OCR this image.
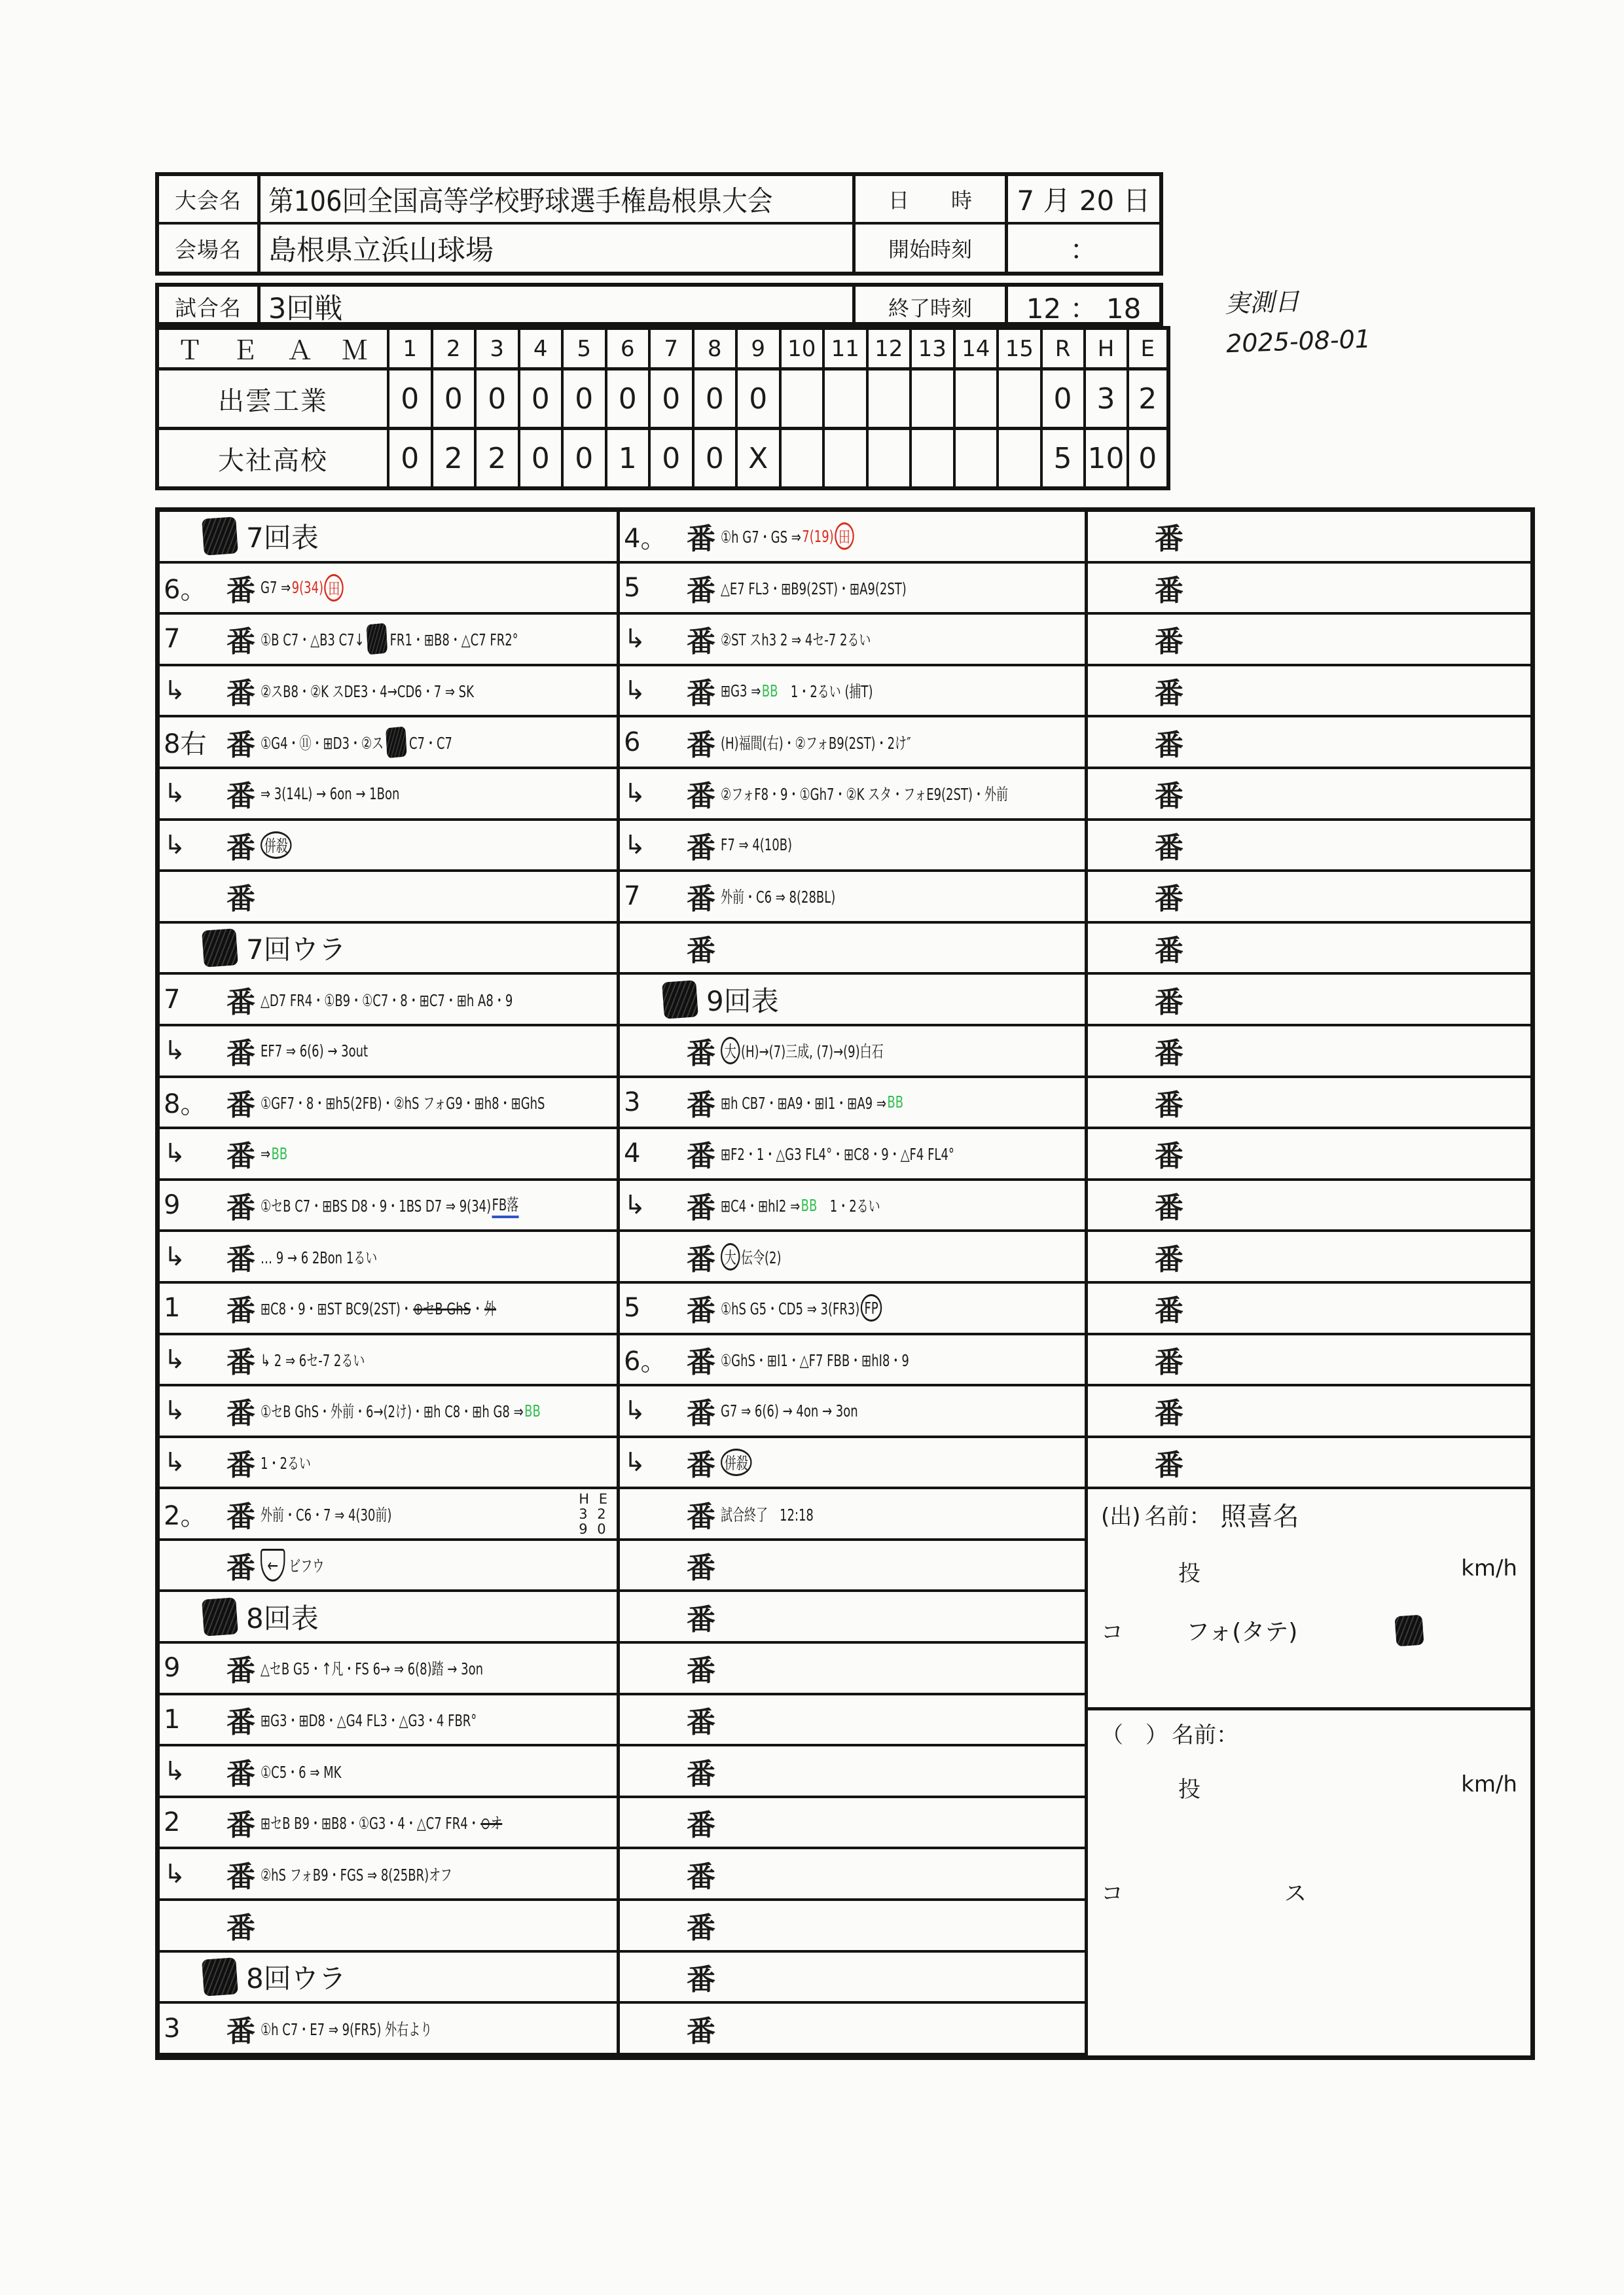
実測日
2025-08-01
大会名 第106回全国高等学校野球選手権島根県大会	日　　時	7 月 20 日
会場名 島根県立浜山球場	開始時刻	：
試合名 3回戦	終了時刻	12 ： 18
Ｔ　Ｅ　Ａ　Ｍ	1	2	3	4	5	6	7	8	9	10 11 12 13 14 15 R	H	E
出雲工業	0 0 0 0 0 0 0 0 0	0 3 2
大社高校	0 2 2 0 0 1 0 0 X	5 10 0
7回表
6。 番 G7 ⇒ 9(34) 田
7	番 ①B C7・△B3 C7↓ FR1・⊞B8・△C7 FR2°
↳	番 ②スB8・②K スDE3・4→CD6・7 ⇒ SK
8右 番 ①G4・⑪・⊞D3・②ス C7・C7
↳	番 ⇒ 3(14L) → 6on → 1Bon
↳	番 併殺
番
7回ウラ
7	番 △D7 FR4・①B9・①C7・8・⊞C7・⊞h A8・9
↳	番 EF7 ⇒ 6(6) → 3out
8。 番 ①GF7・8・⊞h5(2FB)・②hS フォG9・⊞h8・⊞GhS
↳	番 ⇒ BB
9	番 ①セB C7・⊞BS D8・9・1BS D7 ⇒ 9(34) FB落
↳	番 … 9 → 6 2Bon 1るい
1	番 ⊞C8・9・⊞ST BC9(2ST)・ ⊕セB GhS ・ 外
↳	番 ↳ 2 ⇒ 6セ-7 2るい
↳	番 ①セB GhS・外前・6→(2け)・⊞h C8・⊞h G8 ⇒ BB
↳	番 1・2るい
2。 番 外前・C6・7 ⇒ 4(30前)
H E
3 2
9 0
番 ← ビフウ
8回表
9	番 △セB G5・↑凡・FS 6→ ⇒ 6(8)踏 → 3on
1	番 ⊞G3・⊞D8・△G4 FL3・△G3・4 FBR°
↳	番 ①C5・6 ⇒ MK
2	番 ⊞セB B9・⊞B8・①G3・4・△C7 FR4・ ⊖オ
↳	番 ②hS フォB9・FGS ⇒ 8(25BR)オフ
番
8回ウラ
3	番 ①h C7・E7 ⇒ 9(FR5) 外右より
4。 番 ①h G7・GS ⇒ 7(19) 田
5	番 △E7 FL3・⊞B9(2ST)・⊞A9(2ST)
↳	番 ②ST スh3 2 ⇒ 4セ-7 2るい
↳	番 ⊞G3 ⇒ BB 　1・2るい (捕T)
6	番 (H)福間(右)・②フォB9(2ST)・2け″
↳	番 ②フォF8・9・①Gh7・②K スタ・フォE9(2ST)・外前
↳	番 F7 ⇒ 4(10B)
7	番 外前・C6 ⇒ 8(28BL)
番
9回表
番 大 (H)→(7)三成, (7)→(9)白石
3	番 ⊞h CB7・⊞A9・⊞I1・⊞A9 ⇒ BB
4	番 ⊞F2・1・△G3 FL4°・⊞C8・9・△F4 FL4°
↳	番 ⊞C4・⊞hI2 ⇒ BB 　1・2るい
番 大 伝令(2)
5	番 ①hS G5・CD5 ⇒ 3(FR3) FP
6。 番 ①GhS・⊞I1・△F7 FBB・⊞hI8・9
↳	番 G7 ⇒ 6(6) → 4on → 3on
↳	番 併殺
番 試合終了　12:18
番
番
番
番
番
番
番
番
番
番
番
番
番
番
番
番
番
番
番
番
番
番
番
番
番
番
番
番
番
(出) 名前： 照喜名
投	km/h
コ	フォ(タテ)
（　） 名前：
投	km/h
コ	ス
